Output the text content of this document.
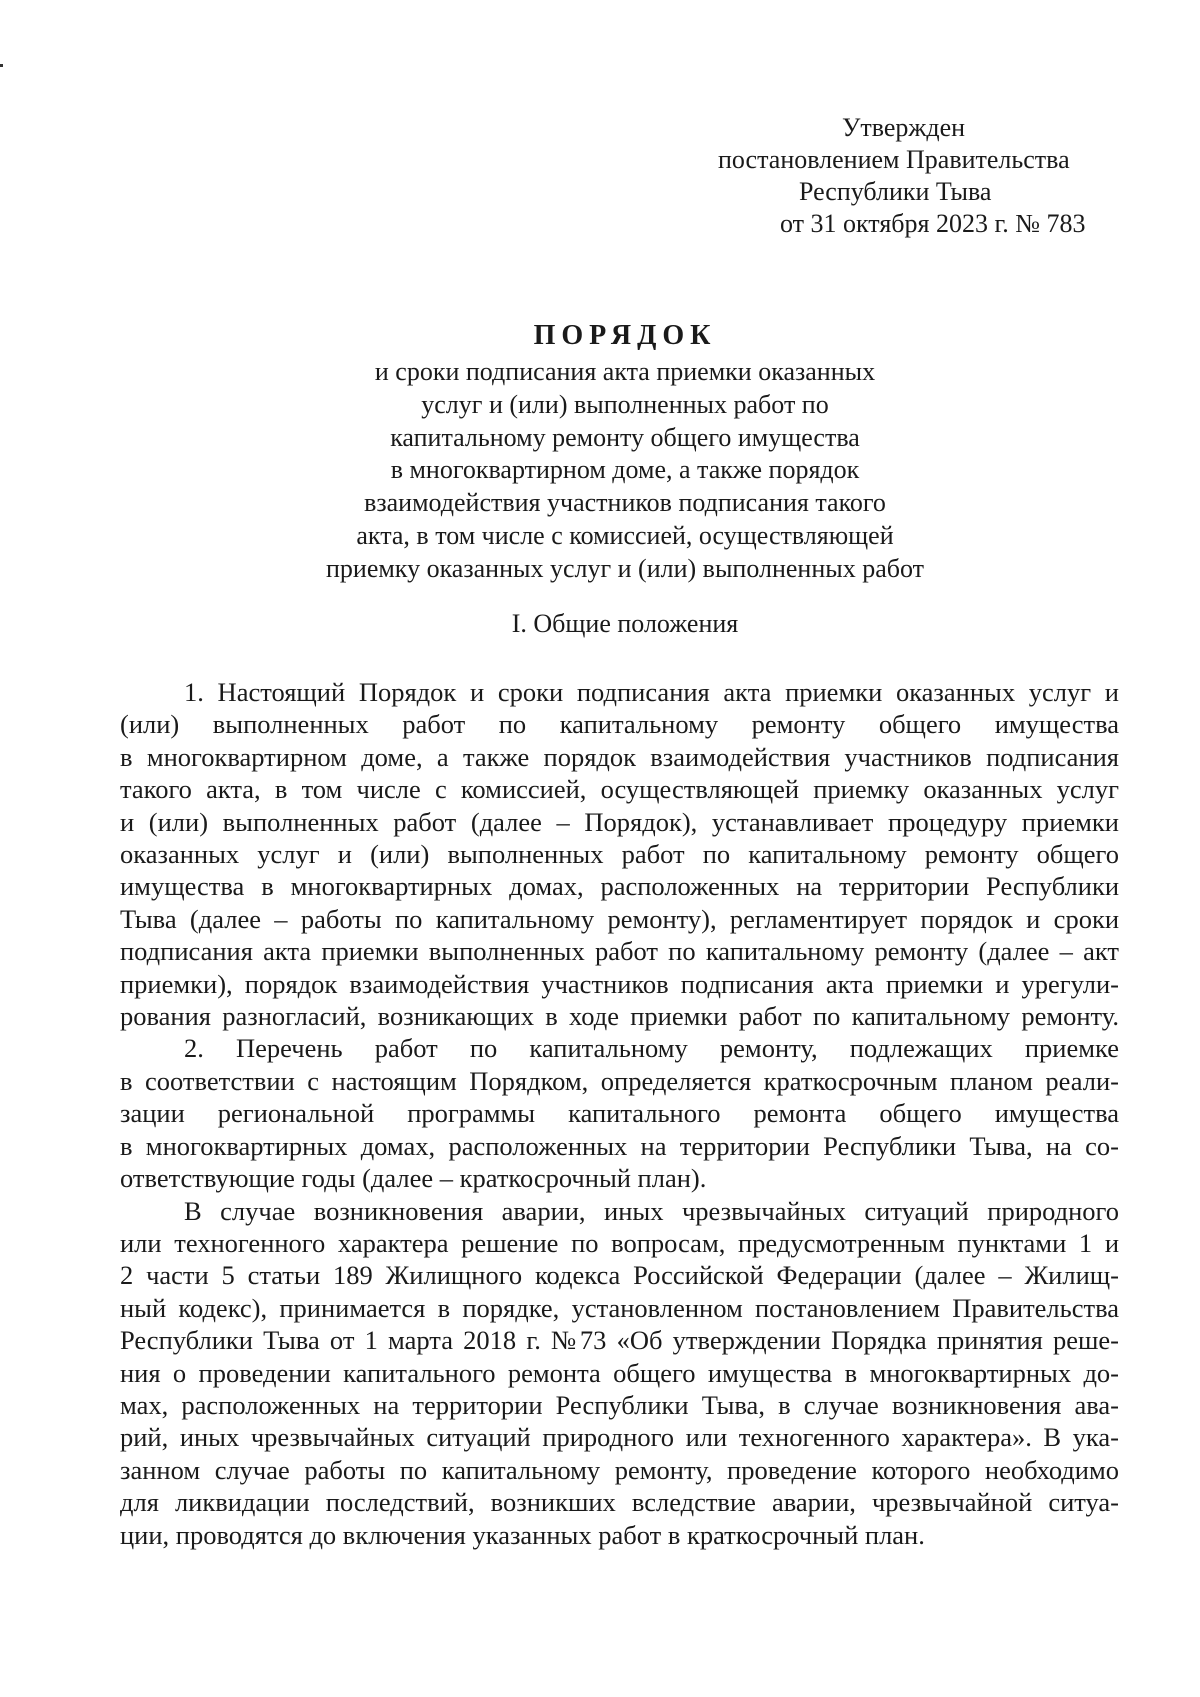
Утвержден
постановлением Правительства
Республики Тыва
от 31 октября 2023 г. № 783
ПОРЯДОК
и сроки подписания акта приемки оказанных
услуг и (или) выполненных работ по
капитальному ремонту общего имущества
в многоквартирном доме, а также порядок
взаимодействия участников подписания такого
акта, в том числе с комиссией, осуществляющей
приемку оказанных услуг и (или) выполненных работ
I. Общие положения
1. Настоящий Порядок и сроки подписания акта приемки оказанных услуг и
(или) выполненных работ по капитальному ремонту общего имущества
в многоквартирном доме, а также порядок взаимодействия участников подписания
такого акта, в том числе с комиссией, осуществляющей приемку оказанных услуг
и (или) выполненных работ (далее – Порядок), устанавливает процедуру приемки
оказанных услуг и (или) выполненных работ по капитальному ремонту общего
имущества в многоквартирных домах, расположенных на территории Республики
Тыва (далее – работы по капитальному ремонту), регламентирует порядок и сроки
подписания акта приемки выполненных работ по капитальному ремонту (далее – акт
приемки), порядок взаимодействия участников подписания акта приемки и урегули-
рования разногласий, возникающих в ходе приемки работ по капитальному ремонту.
2. Перечень работ по капитальному ремонту, подлежащих приемке
в соответствии с настоящим Порядком, определяется краткосрочным планом реали-
зации региональной программы капитального ремонта общего имущества
в многоквартирных домах, расположенных на территории Республики Тыва, на со-
ответствующие годы (далее – краткосрочный план).
В случае возникновения аварии, иных чрезвычайных ситуаций природного
или техногенного характера решение по вопросам, предусмотренным пунктами 1 и
2 части 5 статьи 189 Жилищного кодекса Российской Федерации (далее – Жилищ-
ный кодекс), принимается в порядке, установленном постановлением Правительства
Республики Тыва от 1 марта 2018 г. №73 «Об утверждении Порядка принятия реше-
ния о проведении капитального ремонта общего имущества в многоквартирных до-
мах, расположенных на территории Республики Тыва, в случае возникновения ава-
рий, иных чрезвычайных ситуаций природного или техногенного характера». В ука-
занном случае работы по капитальному ремонту, проведение которого необходимо
для ликвидации последствий, возникших вследствие аварии, чрезвычайной ситуа-
ции, проводятся до включения указанных работ в краткосрочный план.
